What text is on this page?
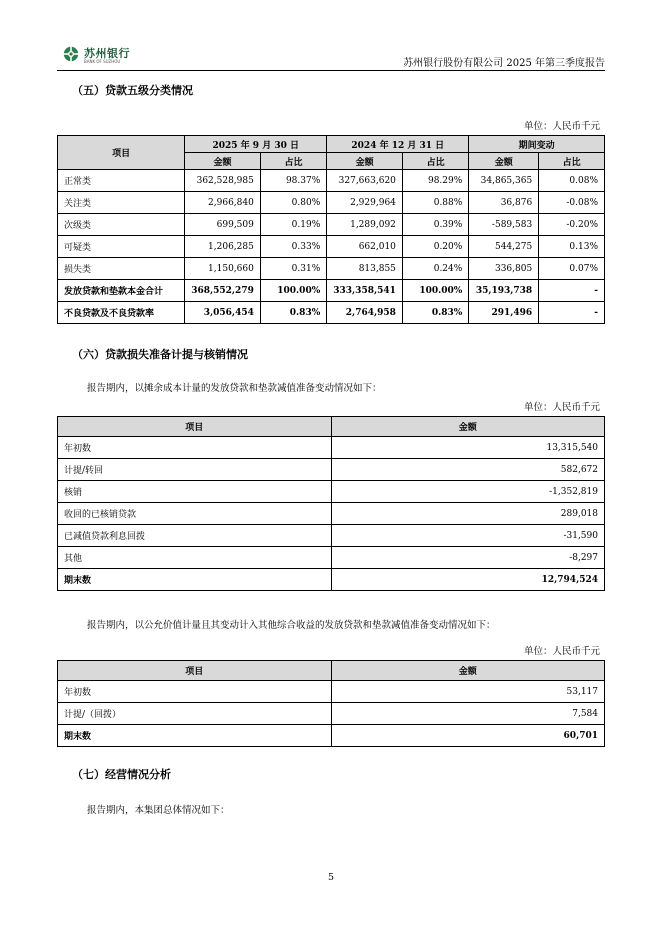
苏州银行
BANK OF SUZHOU	苏州银行股份有限公司 2025 年第三季度报告
（五）贷款五级分类情况
单位：人民币千元
项目	2025 年 9 月 30 日		2024 年 12 月 31 日		期间变动	
	金额	占比	金额	占比	金额	占比
正常类	362,528,985	98.37%	327,663,620	98.29%	34,865,365	0.08%
关注类	2,966,840	0.80%	2,929,964	0.88%	36,876	-0.08%
次级类	699,509	0.19%	1,289,092	0.39%	-589,583	-0.20%
可疑类	1,206,285	0.33%	662,010	0.20%	544,275	0.13%
损失类	1,150,660	0.31%	813,855	0.24%	336,805	0.07%
发放贷款和垫款本金合计	368,552,279	100.00%	333,358,541	100.00%	35,193,738	-
不良贷款及不良贷款率	3,056,454	0.83%	2,764,958	0.83%	291,496	-
（六）贷款损失准备计提与核销情况
报告期内，以摊余成本计量的发放贷款和垫款减值准备变动情况如下：
单位：人民币千元
项目	金额
年初数	13,315,540
计提/转回	582,672
核销	-1,352,819
收回的已核销贷款	289,018
已减值贷款利息回拨	-31,590
其他	-8,297
期末数	12,794,524
报告期内，以公允价值计量且其变动计入其他综合收益的发放贷款和垫款减值准备变动情况如下：
单位：人民币千元
项目	金额
年初数	53,117
计提/（回拨）	7,584
期末数	60,701
（七）经营情况分析
报告期内，本集团总体情况如下：
5
